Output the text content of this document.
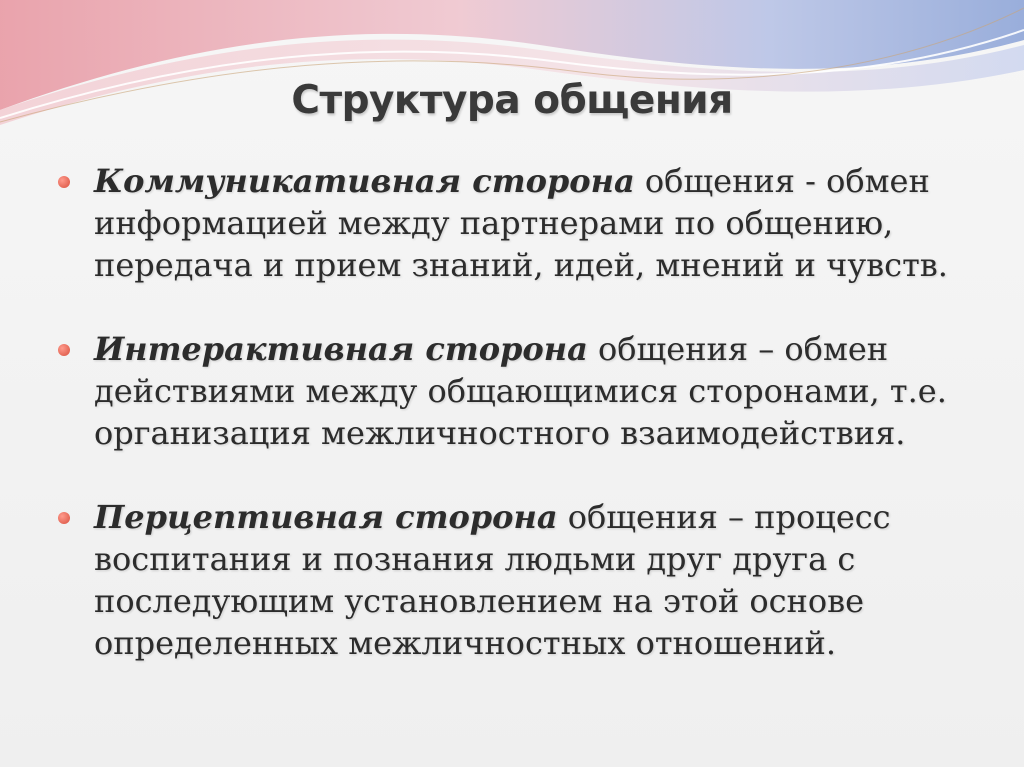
Структура общения
Коммуникативная сторона общения - обмен информацией между партнерами по общению, передача и прием знаний, идей, мнений и чувств.
Интерактивная сторона общения – обмен действиями между общающимися сторонами, т.е. организация межличностного взаимодействия.
Перцептивная сторона общения – процесс воспитания и познания людьми друг друга с последующим установлением на этой основе определенных межличностных отношений.
